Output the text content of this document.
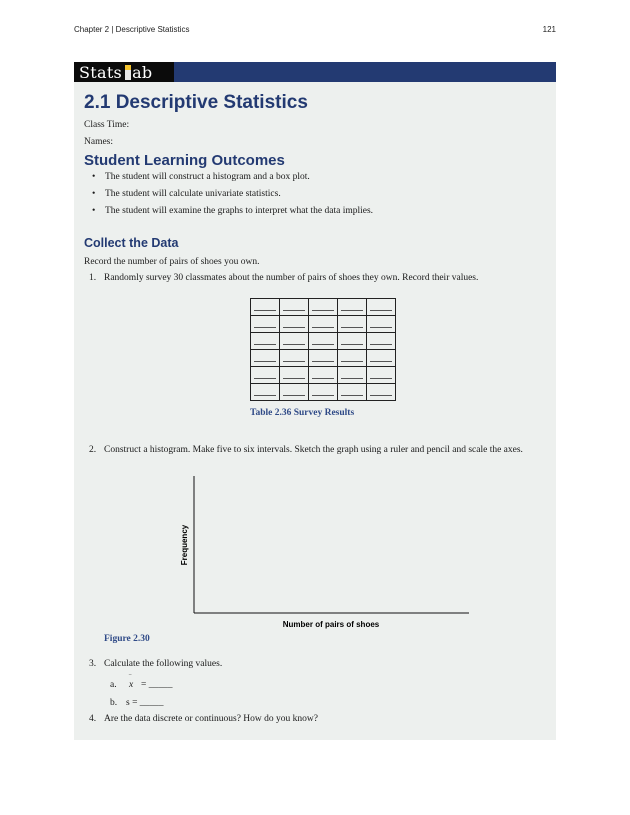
Chapter 2 | Descriptive Statistics	121
Stats ab
2.1 Descriptive Statistics
Class Time:
Names:
Student Learning Outcomes
• The student will construct a histogram and a box plot.
• The student will calculate univariate statistics.
• The student will examine the graphs to interpret what the data implies.
Collect the Data
Record the number of pairs of shoes you own.
1. Randomly survey 30 classmates about the number of pairs of shoes they own. Record their values.

Table 2.36 Survey Results
2. Construct a histogram. Make five to six intervals. Sketch the graph using a ruler and pencil and scale the axes.
Frequency
Number of pairs of shoes
Figure 2.30
3. Calculate the following values.
a.
‾
x = _____
b. s = _____
4. Are the data discrete or continuous? How do you know?
